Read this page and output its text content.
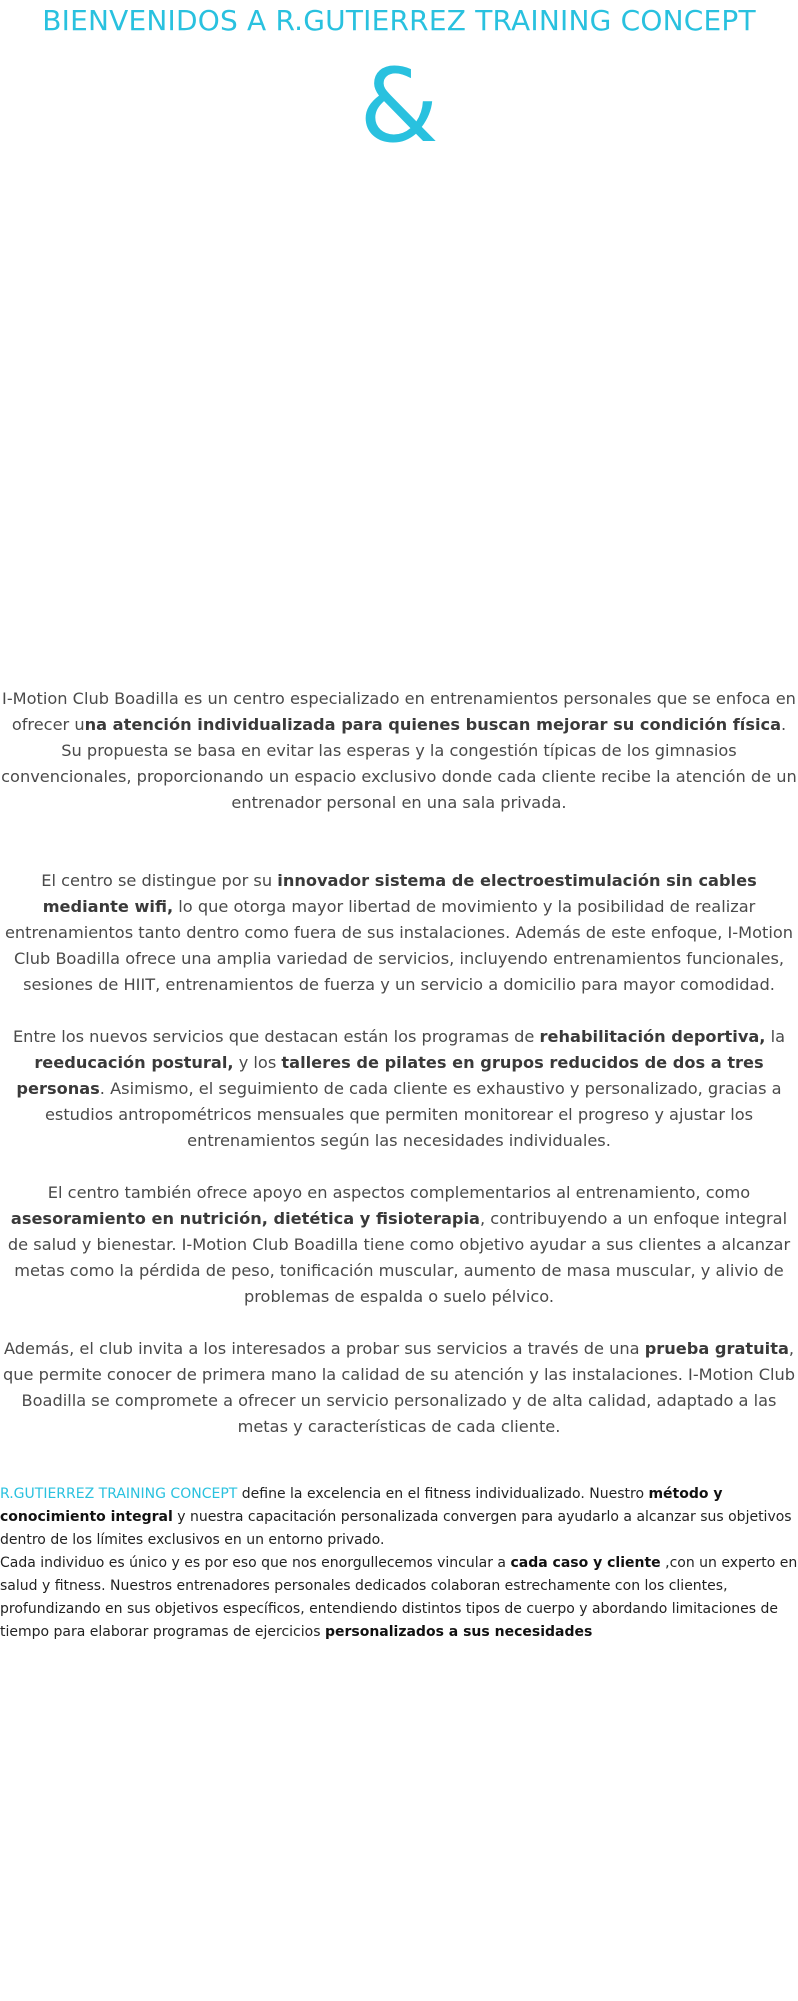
BIENVENIDOS A R.GUTIERREZ TRAINING CONCEPT
&

I-Motion Club Boadilla es un centro especializado en entrenamientos personales que se enfoca en ofrecer una atención individualizada para quienes buscan mejorar su condición física. Su propuesta se basa en evitar las esperas y la congestión típicas de los gimnasios convencionales, proporcionando un espacio exclusivo donde cada cliente recibe la atención de un entrenador personal en una sala privada.

El centro se distingue por su innovador sistema de electroestimulación sin cables mediante wifi, lo que otorga mayor libertad de movimiento y la posibilidad de realizar entrenamientos tanto dentro como fuera de sus instalaciones. Además de este enfoque, I-Motion Club Boadilla ofrece una amplia variedad de servicios, incluyendo entrenamientos funcionales, sesiones de HIIT, entrenamientos de fuerza y un servicio a domicilio para mayor comodidad.

Entre los nuevos servicios que destacan están los programas de rehabilitación deportiva, la reeducación postural, y los talleres de pilates en grupos reducidos de dos a tres personas. Asimismo, el seguimiento de cada cliente es exhaustivo y personalizado, gracias a estudios antropométricos mensuales que permiten monitorear el progreso y ajustar los entrenamientos según las necesidades individuales.

El centro también ofrece apoyo en aspectos complementarios al entrenamiento, como asesoramiento en nutrición, dietética y fisioterapia, contribuyendo a un enfoque integral de salud y bienestar. I-Motion Club Boadilla tiene como objetivo ayudar a sus clientes a alcanzar metas como la pérdida de peso, tonificación muscular, aumento de masa muscular, y alivio de problemas de espalda o suelo pélvico.

Además, el club invita a los interesados a probar sus servicios a través de una prueba gratuita, que permite conocer de primera mano la calidad de su atención y las instalaciones. I-Motion Club Boadilla se compromete a ofrecer un servicio personalizado y de alta calidad, adaptado a las metas y características de cada cliente.

R.GUTIERREZ TRAINING CONCEPT define la excelencia en el fitness individualizado. Nuestro método y conocimiento integral y nuestra capacitación personalizada convergen para ayudarlo a alcanzar sus objetivos dentro de los límites exclusivos en un entorno privado.

Cada individuo es único y es por eso que nos enorgullecemos vincular a cada caso y cliente ,con un experto en salud y fitness. Nuestros entrenadores personales dedicados colaboran estrechamente con los clientes, profundizando en sus objetivos específicos, entendiendo distintos tipos de cuerpo y abordando limitaciones de tiempo para elaborar programas de ejercicios personalizados a sus necesidades
